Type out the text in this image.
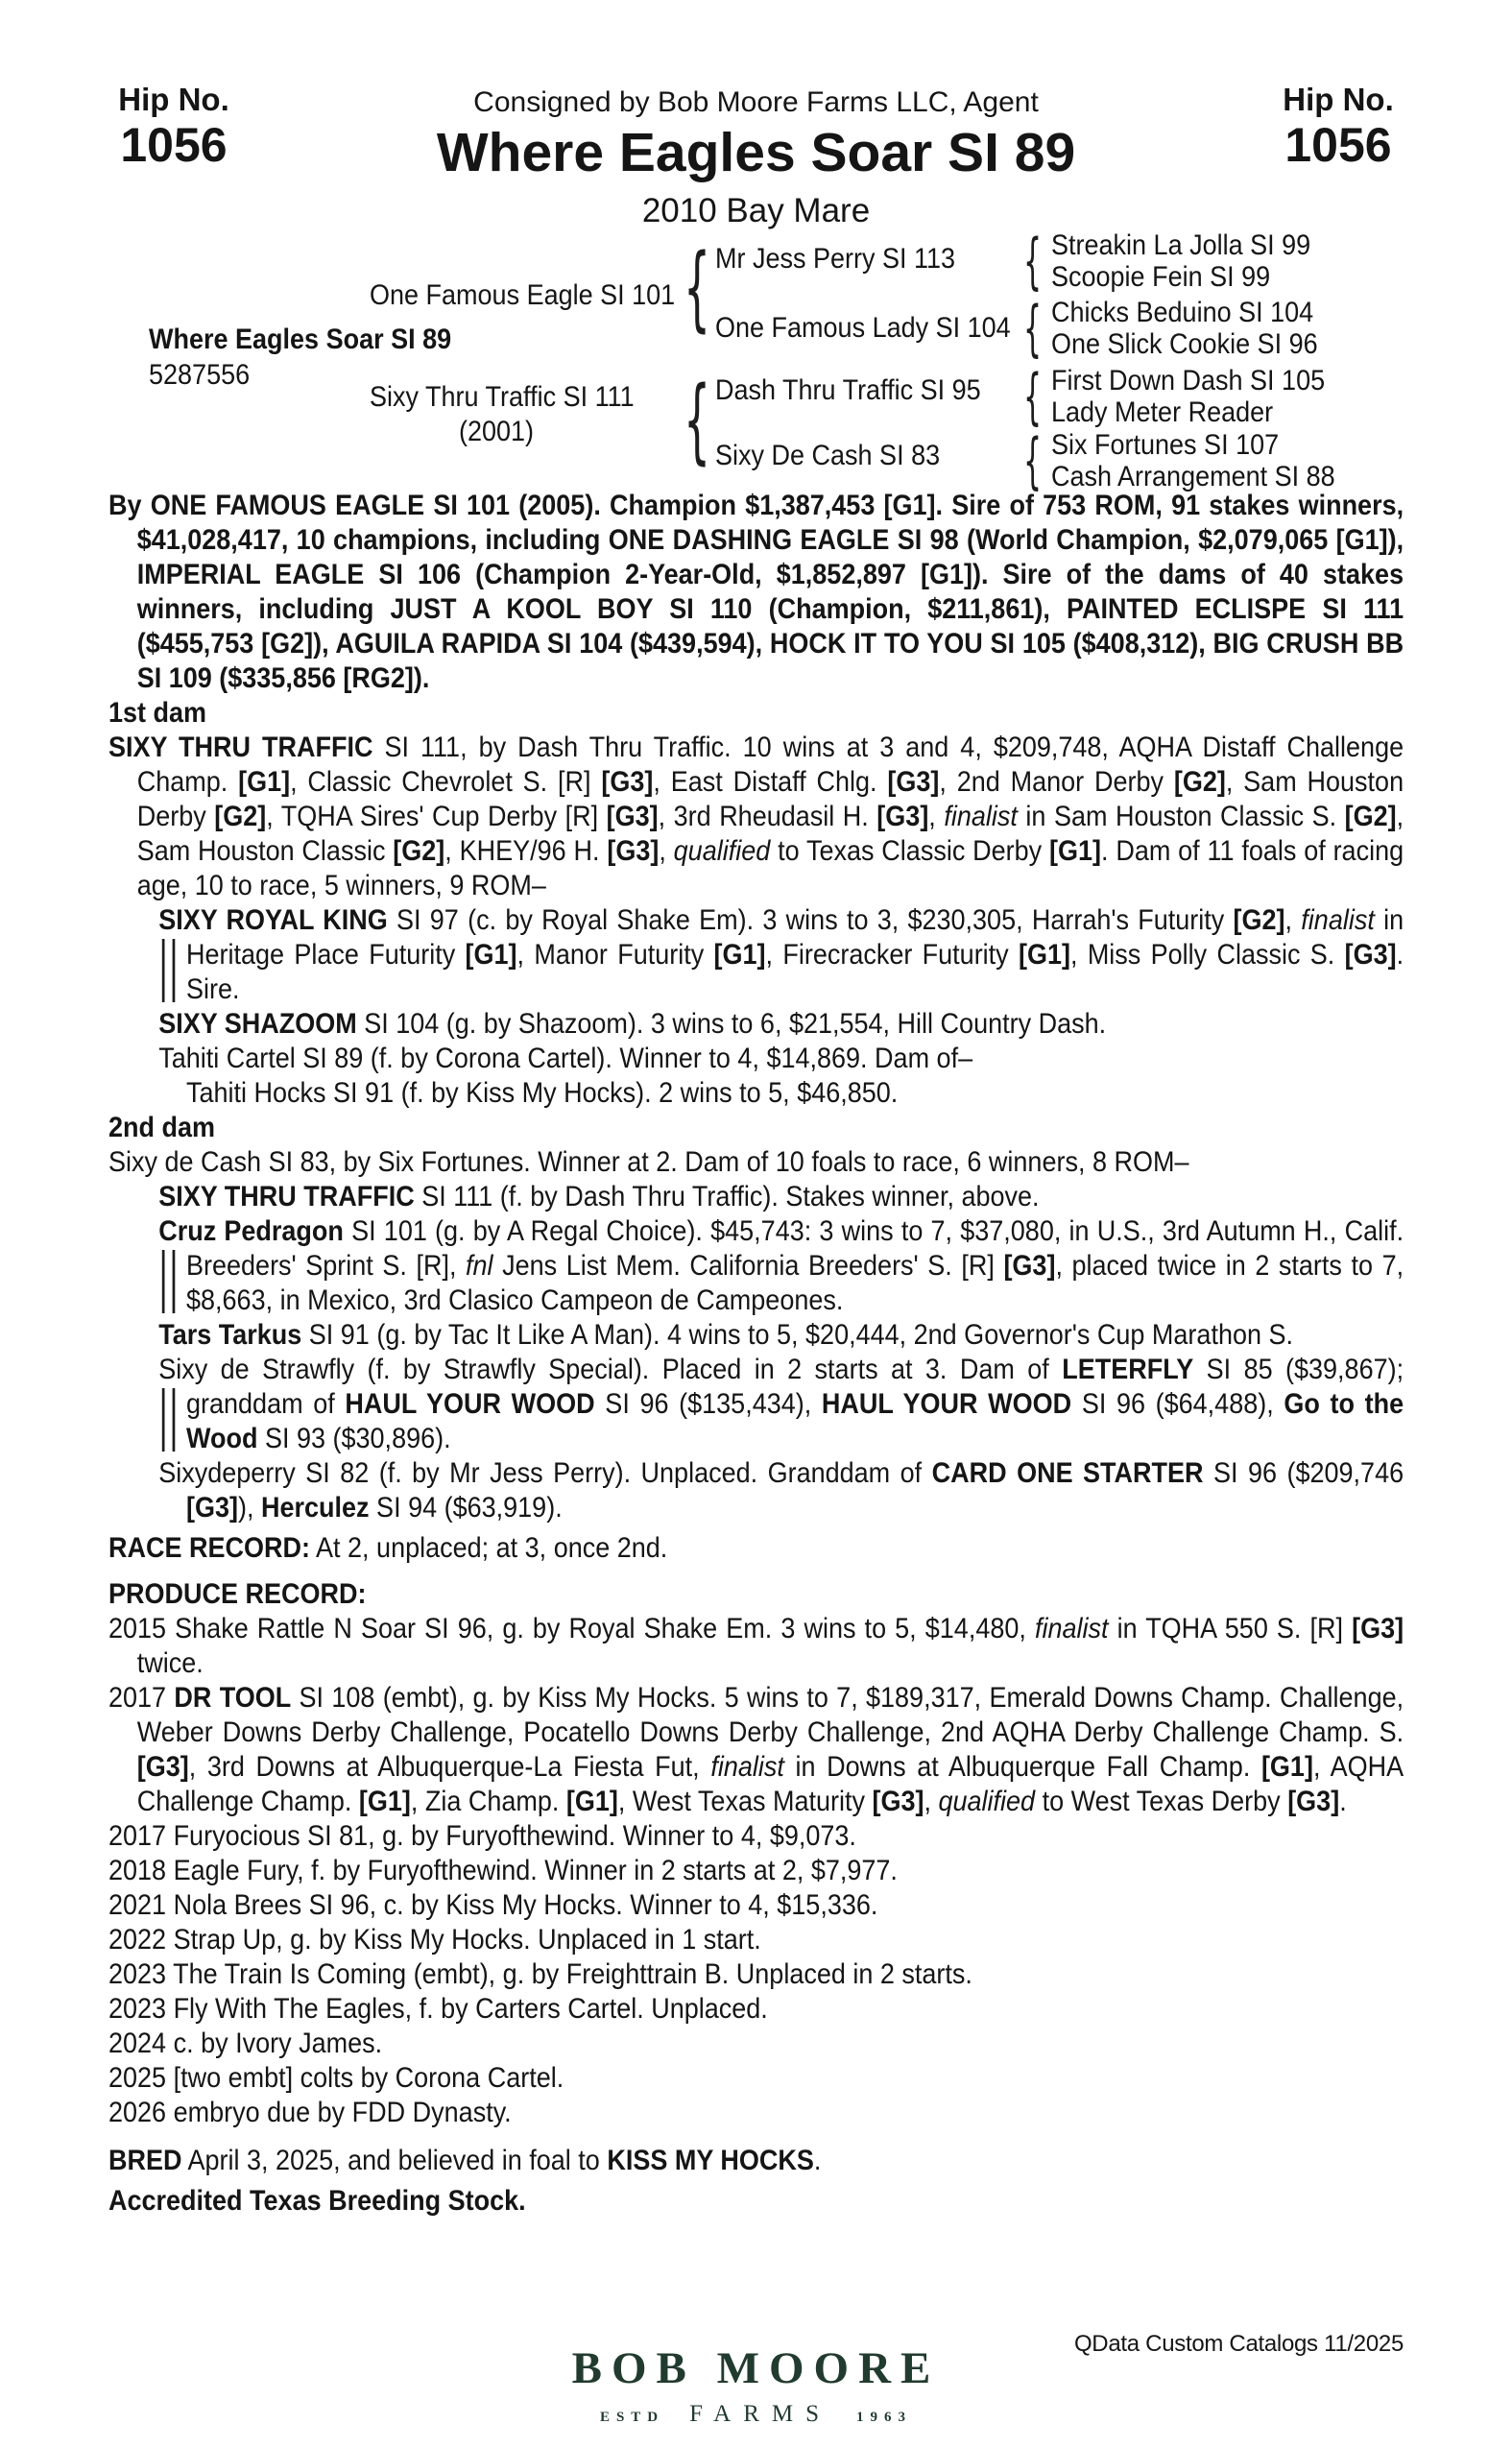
Hip No.
1056
Consigned by Bob Moore Farms LLC, Agent
Where Eagles Soar SI 89
2010 Bay Mare
Hip No.
1056
Where Eagles Soar SI 89
5287556
One Famous Eagle SI 101
Sixy Thru Traffic SI 111
(2001)
{
{
Mr Jess Perry SI 113
One Famous Lady SI 104
Dash Thru Traffic SI 95
Sixy De Cash SI 83
{
{
{
{
Streakin La Jolla SI 99
Scoopie Fein SI 99
Chicks Beduino SI 104
One Slick Cookie SI 96
First Down Dash SI 105
Lady Meter Reader
Six Fortunes SI 107
Cash Arrangement SI 88

By ONE FAMOUS EAGLE SI 101 (2005). Champion $1,387,453 [G1]. Sire of 753 ROM, 91 stakes winners, $41,028,417, 10 champions, including ONE DASHING EAGLE SI 98 (World Champion, $2,079,065 [G1]), IMPERIAL EAGLE SI 106 (Champion 2-Year-Old, $1,852,897 [G1]). Sire of the dams of 40 stakes winners, including JUST A KOOL BOY SI 110 (Champion, $211,861), PAINTED ECLISPE SI 111 ($455,753 [G2]), AGUILA RAPIDA SI 104 ($439,594), HOCK IT TO YOU SI 105 ($408,312), BIG CRUSH BB SI 109 ($335,856 [RG2]).

1st dam

SIXY THRU TRAFFIC SI 111, by Dash Thru Traffic. 10 wins at 3 and 4, $209,748, AQHA Distaff Challenge Champ. [G1], Classic Chevrolet S. [R] [G3], East Distaff Chlg. [G3], 2nd Manor Derby [G2], Sam Houston Derby [G2], TQHA Sires' Cup Derby [R] [G3], 3rd Rheudasil H. [G3], finalist in Sam Houston Classic S. [G2], Sam Houston Classic [G2], KHEY/96 H. [G3], qualified to Texas Classic Derby [G1]. Dam of 11 foals of racing age, 10 to race, 5 winners, 9 ROM–

SIXY ROYAL KING SI 97 (c. by Royal Shake Em). 3 wins to 3, $230,305, Harrah's Futurity [G2], finalist in Heritage Place Futurity [G1], Manor Futurity [G1], Firecracker Futurity [G1], Miss Polly Classic S. [G3]. Sire.

SIXY SHAZOOM SI 104 (g. by Shazoom). 3 wins to 6, $21,554, Hill Country Dash.

Tahiti Cartel SI 89 (f. by Corona Cartel). Winner to 4, $14,869. Dam of–

Tahiti Hocks SI 91 (f. by Kiss My Hocks). 2 wins to 5, $46,850.

2nd dam

Sixy de Cash SI 83, by Six Fortunes. Winner at 2. Dam of 10 foals to race, 6 winners, 8 ROM–

SIXY THRU TRAFFIC SI 111 (f. by Dash Thru Traffic). Stakes winner, above.

Cruz Pedragon SI 101 (g. by A Regal Choice). $45,743: 3 wins to 7, $37,080, in U.S., 3rd Autumn H., Calif. Breeders' Sprint S. [R], fnl Jens List Mem. California Breeders' S. [R] [G3], placed twice in 2 starts to 7, $8,663, in Mexico, 3rd Clasico Campeon de Campeones.

Tars Tarkus SI 91 (g. by Tac It Like A Man). 4 wins to 5, $20,444, 2nd Governor's Cup Marathon S.

Sixy de Strawfly (f. by Strawfly Special). Placed in 2 starts at 3. Dam of LETERFLY SI 85 ($39,867); granddam of HAUL YOUR WOOD SI 96 ($135,434), HAUL YOUR WOOD SI 96 ($64,488), Go to the Wood SI 93 ($30,896).

Sixydeperry SI 82 (f. by Mr Jess Perry). Unplaced. Granddam of CARD ONE STARTER SI 96 ($209,746 [G3]), Herculez SI 94 ($63,919).

RACE RECORD: At 2, unplaced; at 3, once 2nd.

PRODUCE RECORD:

2015 Shake Rattle N Soar SI 96, g. by Royal Shake Em. 3 wins to 5, $14,480, finalist in TQHA 550 S. [R] [G3] twice.

2017 DR TOOL SI 108 (embt), g. by Kiss My Hocks. 5 wins to 7, $189,317, Emerald Downs Champ. Challenge, Weber Downs Derby Challenge, Pocatello Downs Derby Challenge, 2nd AQHA Derby Challenge Champ. S. [G3], 3rd Downs at Albuquerque-La Fiesta Fut, finalist in Downs at Albuquerque Fall Champ. [G1], AQHA Challenge Champ. [G1], Zia Champ. [G1], West Texas Maturity [G3], qualified to West Texas Derby [G3].

2017 Furyocious SI 81, g. by Furyofthewind. Winner to 4, $9,073.

2018 Eagle Fury, f. by Furyofthewind. Winner in 2 starts at 2, $7,977.

2021 Nola Brees SI 96, c. by Kiss My Hocks. Winner to 4, $15,336.

2022 Strap Up, g. by Kiss My Hocks. Unplaced in 1 start.

2023 The Train Is Coming (embt), g. by Freighttrain B. Unplaced in 2 starts.

2023 Fly With The Eagles, f. by Carters Cartel. Unplaced.

2024 c. by Ivory James.

2025 [two embt] colts by Corona Cartel.

2026 embryo due by FDD Dynasty.

BRED April 3, 2025, and believed in foal to KISS MY HOCKS.

Accredited Texas Breeding Stock.

QData Custom Catalogs 11/2025
BOB MOORE
ESTD FARMS 1963
